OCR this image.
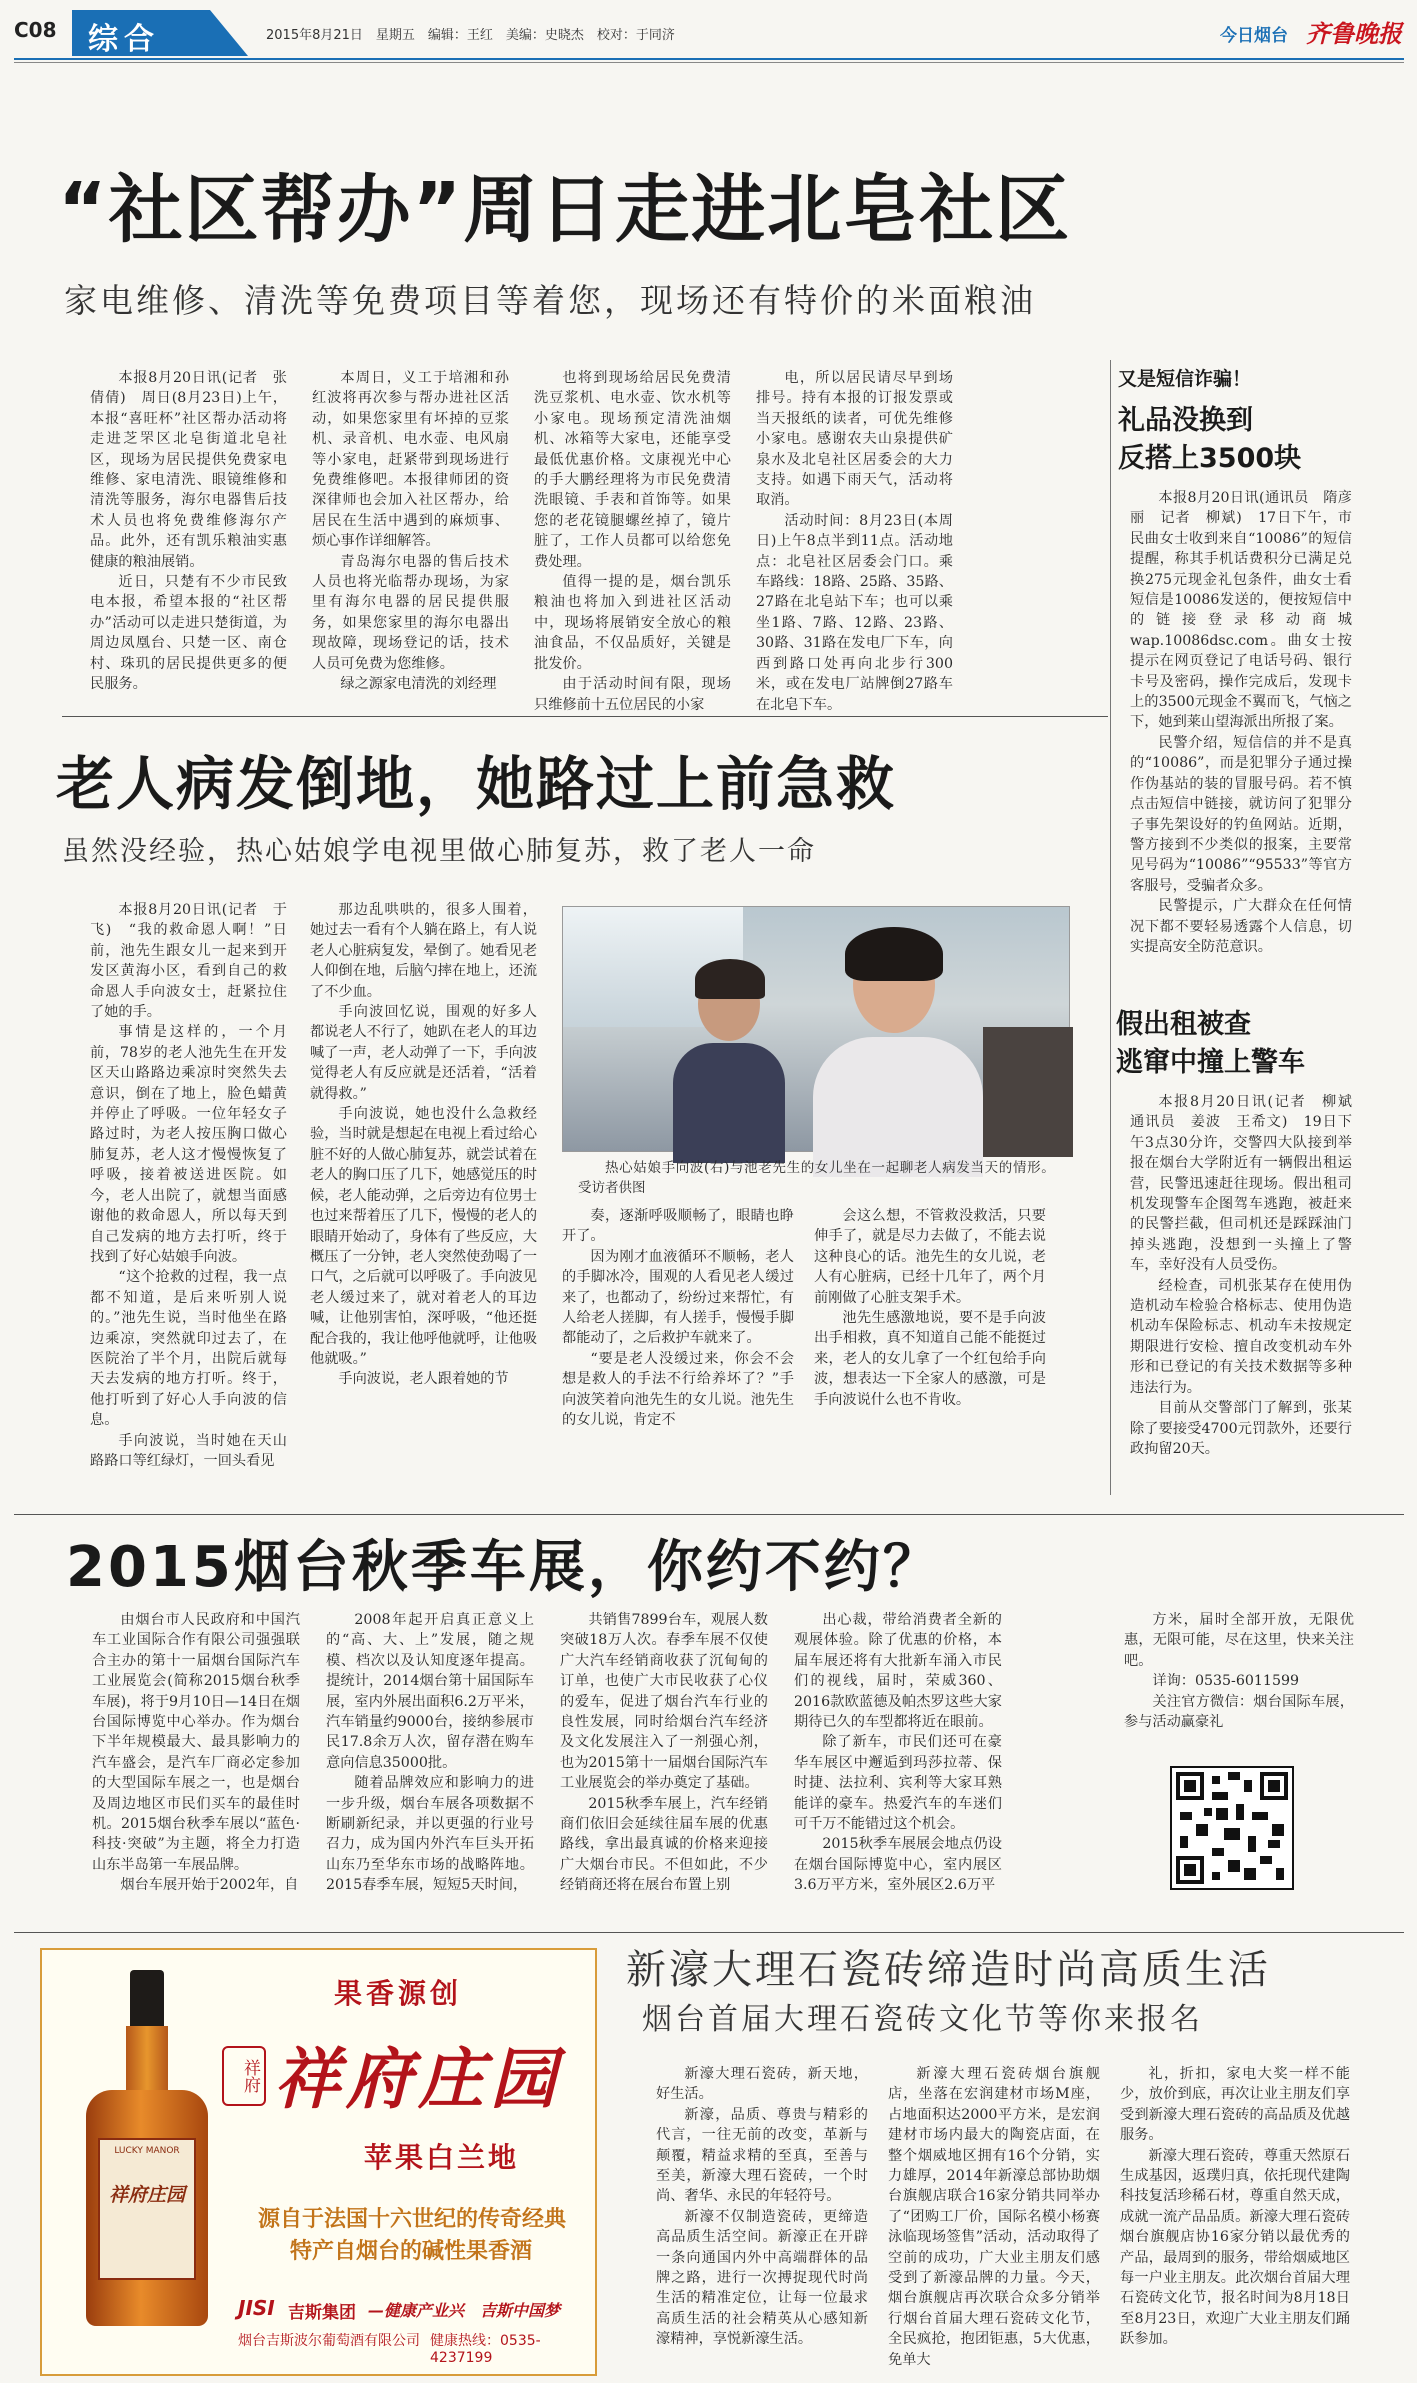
C08 综合	2015年8月21日　星期五　编辑：王红　美编：史晓杰　校对：于同济	今日烟台 齐鲁晚报
“社区帮办”周日走进北皂社区
家电维修、清洗等免费项目等着您，现场还有特价的米面粮油

本报8月20日讯(记者　张倩倩)　周日(8月23日)上午，本报“喜旺杯”社区帮办活动将走进芝罘区北皂街道北皂社区，现场为居民提供免费家电维修、家电清洗、眼镜维修和清洗等服务，海尔电器售后技术人员也将免费维修海尔产品。此外，还有凯乐粮油实惠健康的粮油展销。

近日，只楚有不少市民致电本报，希望本报的“社区帮办”活动可以走进只楚街道，为周边凤凰台、只楚一区、南仓村、珠玑的居民提供更多的便民服务。

本周日，义工于培湘和孙红波将再次参与帮办进社区活动，如果您家里有坏掉的豆浆机、录音机、电水壶、电风扇等小家电，赶紧带到现场进行免费维修吧。本报律师团的资深律师也会加入社区帮办，给居民在生活中遇到的麻烦事、烦心事作详细解答。

青岛海尔电器的售后技术人员也将光临帮办现场，为家里有海尔电器的居民提供服务，如果您家里的海尔电器出现故障，现场登记的话，技术人员可免费为您维修。

绿之源家电清洗的刘经理

也将到现场给居民免费清洗豆浆机、电水壶、饮水机等小家电。现场预定清洗油烟机、冰箱等大家电，还能享受最低优惠价格。文康视光中心的手大鹏经理将为市民免费清洗眼镜、手表和首饰等。如果您的老花镜腿螺丝掉了，镜片脏了，工作人员都可以给您免费处理。

值得一提的是，烟台凯乐粮油也将加入到进社区活动中，现场将展销安全放心的粮油食品，不仅品质好，关键是批发价。

由于活动时间有限，现场只维修前十五位居民的小家

电，所以居民请尽早到场排号。持有本报的订报发票或当天报纸的读者，可优先维修小家电。感谢农夫山泉提供矿泉水及北皂社区居委会的大力支持。如遇下雨天气，活动将取消。

活动时间：8月23日(本周日)上午8点半到11点。活动地点：北皂社区居委会门口。乘车路线：18路、25路、35路、27路在北皂站下车；也可以乘坐1路、7路、12路、23路、30路、31路在发电厂下车，向西到路口处再向北步行300米，或在发电厂站牌倒27路车在北皂下车。

又是短信诈骗！
礼品没换到
反搭上3500块

本报8月20日讯(通讯员　隋彦丽　记者　柳斌)　17日下午，市民曲女士收到来自“10086”的短信提醒，称其手机话费积分已满足兑换275元现金礼包条件，曲女士看短信是10086发送的，便按短信中的链接登录移动商城wap.10086dsc.com。曲女士按提示在网页登记了电话号码、银行卡号及密码，操作完成后，发现卡上的3500元现金不翼而飞，气恼之下，她到莱山望海派出所报了案。

民警介绍，短信信的并不是真的“10086”，而是犯罪分子通过操作伪基站的装的冒服号码。若不慎点击短信中链接，就访问了犯罪分子事先架设好的钓鱼网站。近期，警方接到不少类似的报案，主要常见号码为“10086”“95533”等官方客服号，受骗者众多。

民警提示，广大群众在任何情况下都不要轻易透露个人信息，切实提高安全防范意识。

假出租被查
逃窜中撞上警车

本报8月20日讯(记者　柳斌　通讯员　姜波　王希文)　19日下午3点30分许，交警四大队接到举报在烟台大学附近有一辆假出租运营，民警迅速赶往现场。假出租司机发现警车企图驾车逃跑，被赶来的民警拦截，但司机还是踩踩油门掉头逃跑，没想到一头撞上了警车，幸好没有人员受伤。

经检查，司机张某存在使用伪造机动车检验合格标志、使用伪造机动车保险标志、机动车未按规定期限进行安检、擅自改变机动车外形和已登记的有关技术数据等多种违法行为。

目前从交警部门了解到，张某除了要接受4700元罚款外，还要行政拘留20天。

老人病发倒地，她路过上前急救
虽然没经验，热心姑娘学电视里做心肺复苏，救了老人一命

本报8月20日讯(记者　于飞)　“我的救命恩人啊！”日前，池先生跟女儿一起来到开发区黄海小区，看到自己的救命恩人手向波女士，赶紧拉住了她的手。

事情是这样的，一个月前，78岁的老人池先生在开发区天山路路边乘凉时突然失去意识，倒在了地上，脸色蜡黄并停止了呼吸。一位年轻女子路过时，为老人按压胸口做心肺复苏，老人这才慢慢恢复了呼吸，接着被送进医院。如今，老人出院了，就想当面感谢他的救命恩人，所以每天到自己发病的地方去打听，终于找到了好心姑娘手向波。

“这个抢救的过程，我一点都不知道，是后来听别人说的。”池先生说，当时他坐在路边乘凉，突然就印过去了，在医院治了半个月，出院后就每天去发病的地方打听。终于，他打听到了好心人手向波的信息。

手向波说，当时她在天山路路口等红绿灯，一回头看见

那边乱哄哄的，很多人围着，她过去一看有个人躺在路上，有人说老人心脏病复发，晕倒了。她看见老人仰倒在地，后脑勺摔在地上，还流了不少血。

手向波回忆说，围观的好多人都说老人不行了，她趴在老人的耳边喊了一声，老人动弹了一下，手向波觉得老人有反应就是还活着，“活着就得救。”

手向波说，她也没什么急救经验，当时就是想起在电视上看过给心脏不好的人做心肺复苏，就尝试着在老人的胸口压了几下，她感觉压的时候，老人能动弹，之后旁边有位男士也过来帮着压了几下，慢慢的老人的眼睛开始动了，身体有了些反应，大概压了一分钟，老人突然使劲喝了一口气，之后就可以呼吸了。手向波见老人缓过来了，就对着老人的耳边喊，让他别害怕，深呼吸，“他还挺配合我的，我让他呼他就呼，让他吸他就吸。”

手向波说，老人跟着她的节

热心姑娘手向波(右)与池老先生的女儿坐在一起聊老人病发当天的情形。　受访者供图

奏，逐渐呼吸顺畅了，眼睛也睁开了。

因为刚才血液循环不顺畅，老人的手脚冰冷，围观的人看见老人缓过来了，也都动了，纷纷过来帮忙，有人给老人搓脚，有人搓手，慢慢手脚都能动了，之后救护车就来了。

“要是老人没缓过来，你会不会想是救人的手法不行给养坏了？”手向波笑着向池先生的女儿说。池先生的女儿说，肯定不

会这么想，不管救没救活，只要伸手了，就是尽力去做了，不能去说这种良心的话。池先生的女儿说，老人有心脏病，已经十几年了，两个月前刚做了心脏支架手术。

池先生感激地说，要不是手向波出手相救，真不知道自己能不能挺过来，老人的女儿拿了一个红包给手向波，想表达一下全家人的感激，可是手向波说什么也不肯收。

2015烟台秋季车展，你约不约？

由烟台市人民政府和中国汽车工业国际合作有限公司强强联合主办的第十一届烟台国际汽车工业展览会(简称2015烟台秋季车展)，将于9月10日—14日在烟台国际博览中心举办。作为烟台下半年规模最大、最具影响力的汽车盛会，是汽车厂商必定参加的大型国际车展之一，也是烟台及周边地区市民们买车的最佳时机。2015烟台秋季车展以“蓝色·科技·突破”为主题，将全力打造山东半岛第一车展品牌。

烟台车展开始于2002年，自

2008年起开启真正意义上的“高、大、上”发展，随之规模、档次以及认知度逐年提高。提统计，2014烟台第十届国际车展，室内外展出面积6.2万平米，汽车销量约9000台，接纳参展市民17.8余万人次，留存潜在购车意向信息35000批。

随着品牌效应和影响力的进一步升级，烟台车展各项数据不断刷新纪录，并以更强的行业号召力，成为国内外汽车巨头开拓山东乃至华东市场的战略阵地。2015春季车展，短短5天时间，

共销售7899台车，观展人数突破18万人次。春季车展不仅使广大汽车经销商收获了沉甸甸的订单，也使广大市民收获了心仪的爱车，促进了烟台汽车行业的良性发展，同时给烟台汽车经济及文化发展注入了一剂强心剂，也为2015第十一届烟台国际汽车工业展览会的举办奠定了基础。

2015秋季车展上，汽车经销商们依旧会延续往届车展的优惠路线，拿出最真诚的价格来迎接广大烟台市民。不但如此，不少经销商还将在展台布置上别

出心裁，带给消费者全新的观展体验。除了优惠的价格，本届车展还将有大批新车涌入市民们的视线，届时，荣威360、2016款欧蓝德及帕杰罗这些大家期待已久的车型都将近在眼前。

除了新车，市民们还可在豪华车展区中邂逅到玛莎拉蒂、保时捷、法拉利、宾利等大家耳熟能详的豪车。热爱汽车的车迷们可千万不能错过这个机会。

2015秋季车展展会地点仍设在烟台国际博览中心，室内展区3.6万平方米，室外展区2.6万平

方米，届时全部开放，无限优惠，无限可能，尽在这里，快来关注吧。

详询：0535-6011599

关注官方微信：烟台国际车展，参与活动赢豪礼

果香源创
祥府 祥府庄园
苹果白兰地
源自于法国十六世纪的传奇经典
特产自烟台的碱性果香酒
LUCKY MANOR
祥府庄园
JISI 吉斯集团 —健康产业兴　吉斯中国梦
烟台吉斯波尔葡萄酒有限公司 健康热线：0535-4237199
新濠大理石瓷砖缔造时尚高质生活
烟台首届大理石瓷砖文化节等你来报名

新濠大理石瓷砖，新天地，好生活。

新濠，品质、尊贵与精彩的代言，一往无前的改变，革新与颠覆，精益求精的至真，至善与至美，新濠大理石瓷砖，一个时尚、奢华、永民的年轻符号。

新濠不仅制造瓷砖，更缔造高品质生活空间。新濠正在开辟一条向通国内外中高端群体的品牌之路，进行一次搏捉现代时尚生活的精准定位，让每一位最求高质生活的社会精英从心感知新濠精神，享悦新濠生活。

新濠大理石瓷砖烟台旗舰店，坐落在宏润建材市场M座，占地面积达2000平方米，是宏润建材市场内最大的陶瓷店面，在整个烟威地区拥有16个分销，实力雄厚，2014年新濠总部协助烟台旗舰店联合16家分销共同举办了“团购工厂价，国际名模小杨赛泳临现场签售”活动，活动取得了空前的成功，广大业主朋友们感受到了新濠品牌的力量。今天，烟台旗舰店再次联合众多分销举行烟台首届大理石瓷砖文化节，全民疯抢，抱团钜惠，5大优惠，免单大

礼，折扣，家电大奖一样不能少，放价到底，再次让业主朋友们享受到新濠大理石瓷砖的高品质及优越服务。

新濠大理石瓷砖，尊重天然原石生成基因，返璞归真，依托现代建陶科技复活珍稀石材，尊重自然天成，成就一流产品品质。新濠大理石瓷砖烟台旗舰店协16家分销以最优秀的产品，最周到的服务，带给烟威地区每一户业主朋友。此次烟台首届大理石瓷砖文化节，报名时间为8月18日至8月23日，欢迎广大业主朋友们踊跃参加。
